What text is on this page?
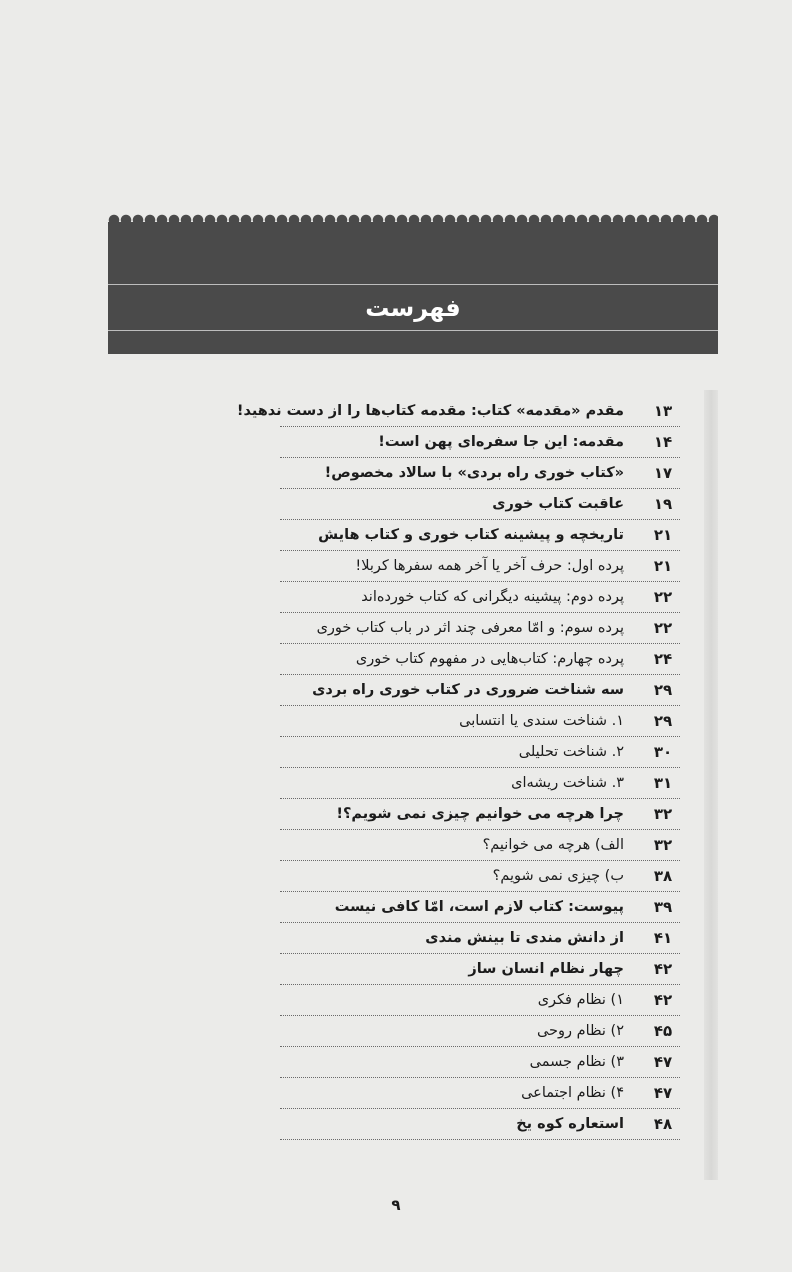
فهرست
۱۳
مقدم «مقدمه» کتاب: مقدمه کتاب‌ها را از دست ندهید!
۱۴
مقدمه: این جا سفره‌ای پهن است!
۱۷
«کتاب خوری راه بردی» با سالاد مخصوص!
۱۹
عاقبت کتاب خوری
۲۱
تاریخچه و پیشینه کتاب خوری و کتاب هایش
۲۱
پرده اول: حرف آخر یا آخر همه سفرها کربلا!
۲۲
پرده دوم: پیشینه دیگرانی که کتاب خورده‌اند
۲۲
پرده سوم: و امّا معرفی چند اثر در باب کتاب خوری
۲۴
پرده چهارم: کتاب‌هایی در مفهوم کتاب خوری
۲۹
سه شناخت ضروری در کتاب خوری راه بردی
۲۹
۱. شناخت سندی یا انتسابی
۳۰
۲. شناخت تحلیلی
۳۱
۳. شناخت ریشه‌ای
۳۲
چرا هرچه می خوانیم چیزی نمی شویم؟!
۳۲
الف) هرچه می خوانیم؟
۳۸
ب) چیزی نمی شویم؟
۳۹
پیوست: کتاب لازم است، امّا کافی نیست
۴۱
از دانش مندی تا بینش مندی
۴۲
چهار نظام انسان ساز
۴۲
۱) نظام فکری
۴۵
۲) نظام روحی
۴۷
۳) نظام جسمی
۴۷
۴) نظام اجتماعی
۴۸
استعاره کوه یخ
۹
